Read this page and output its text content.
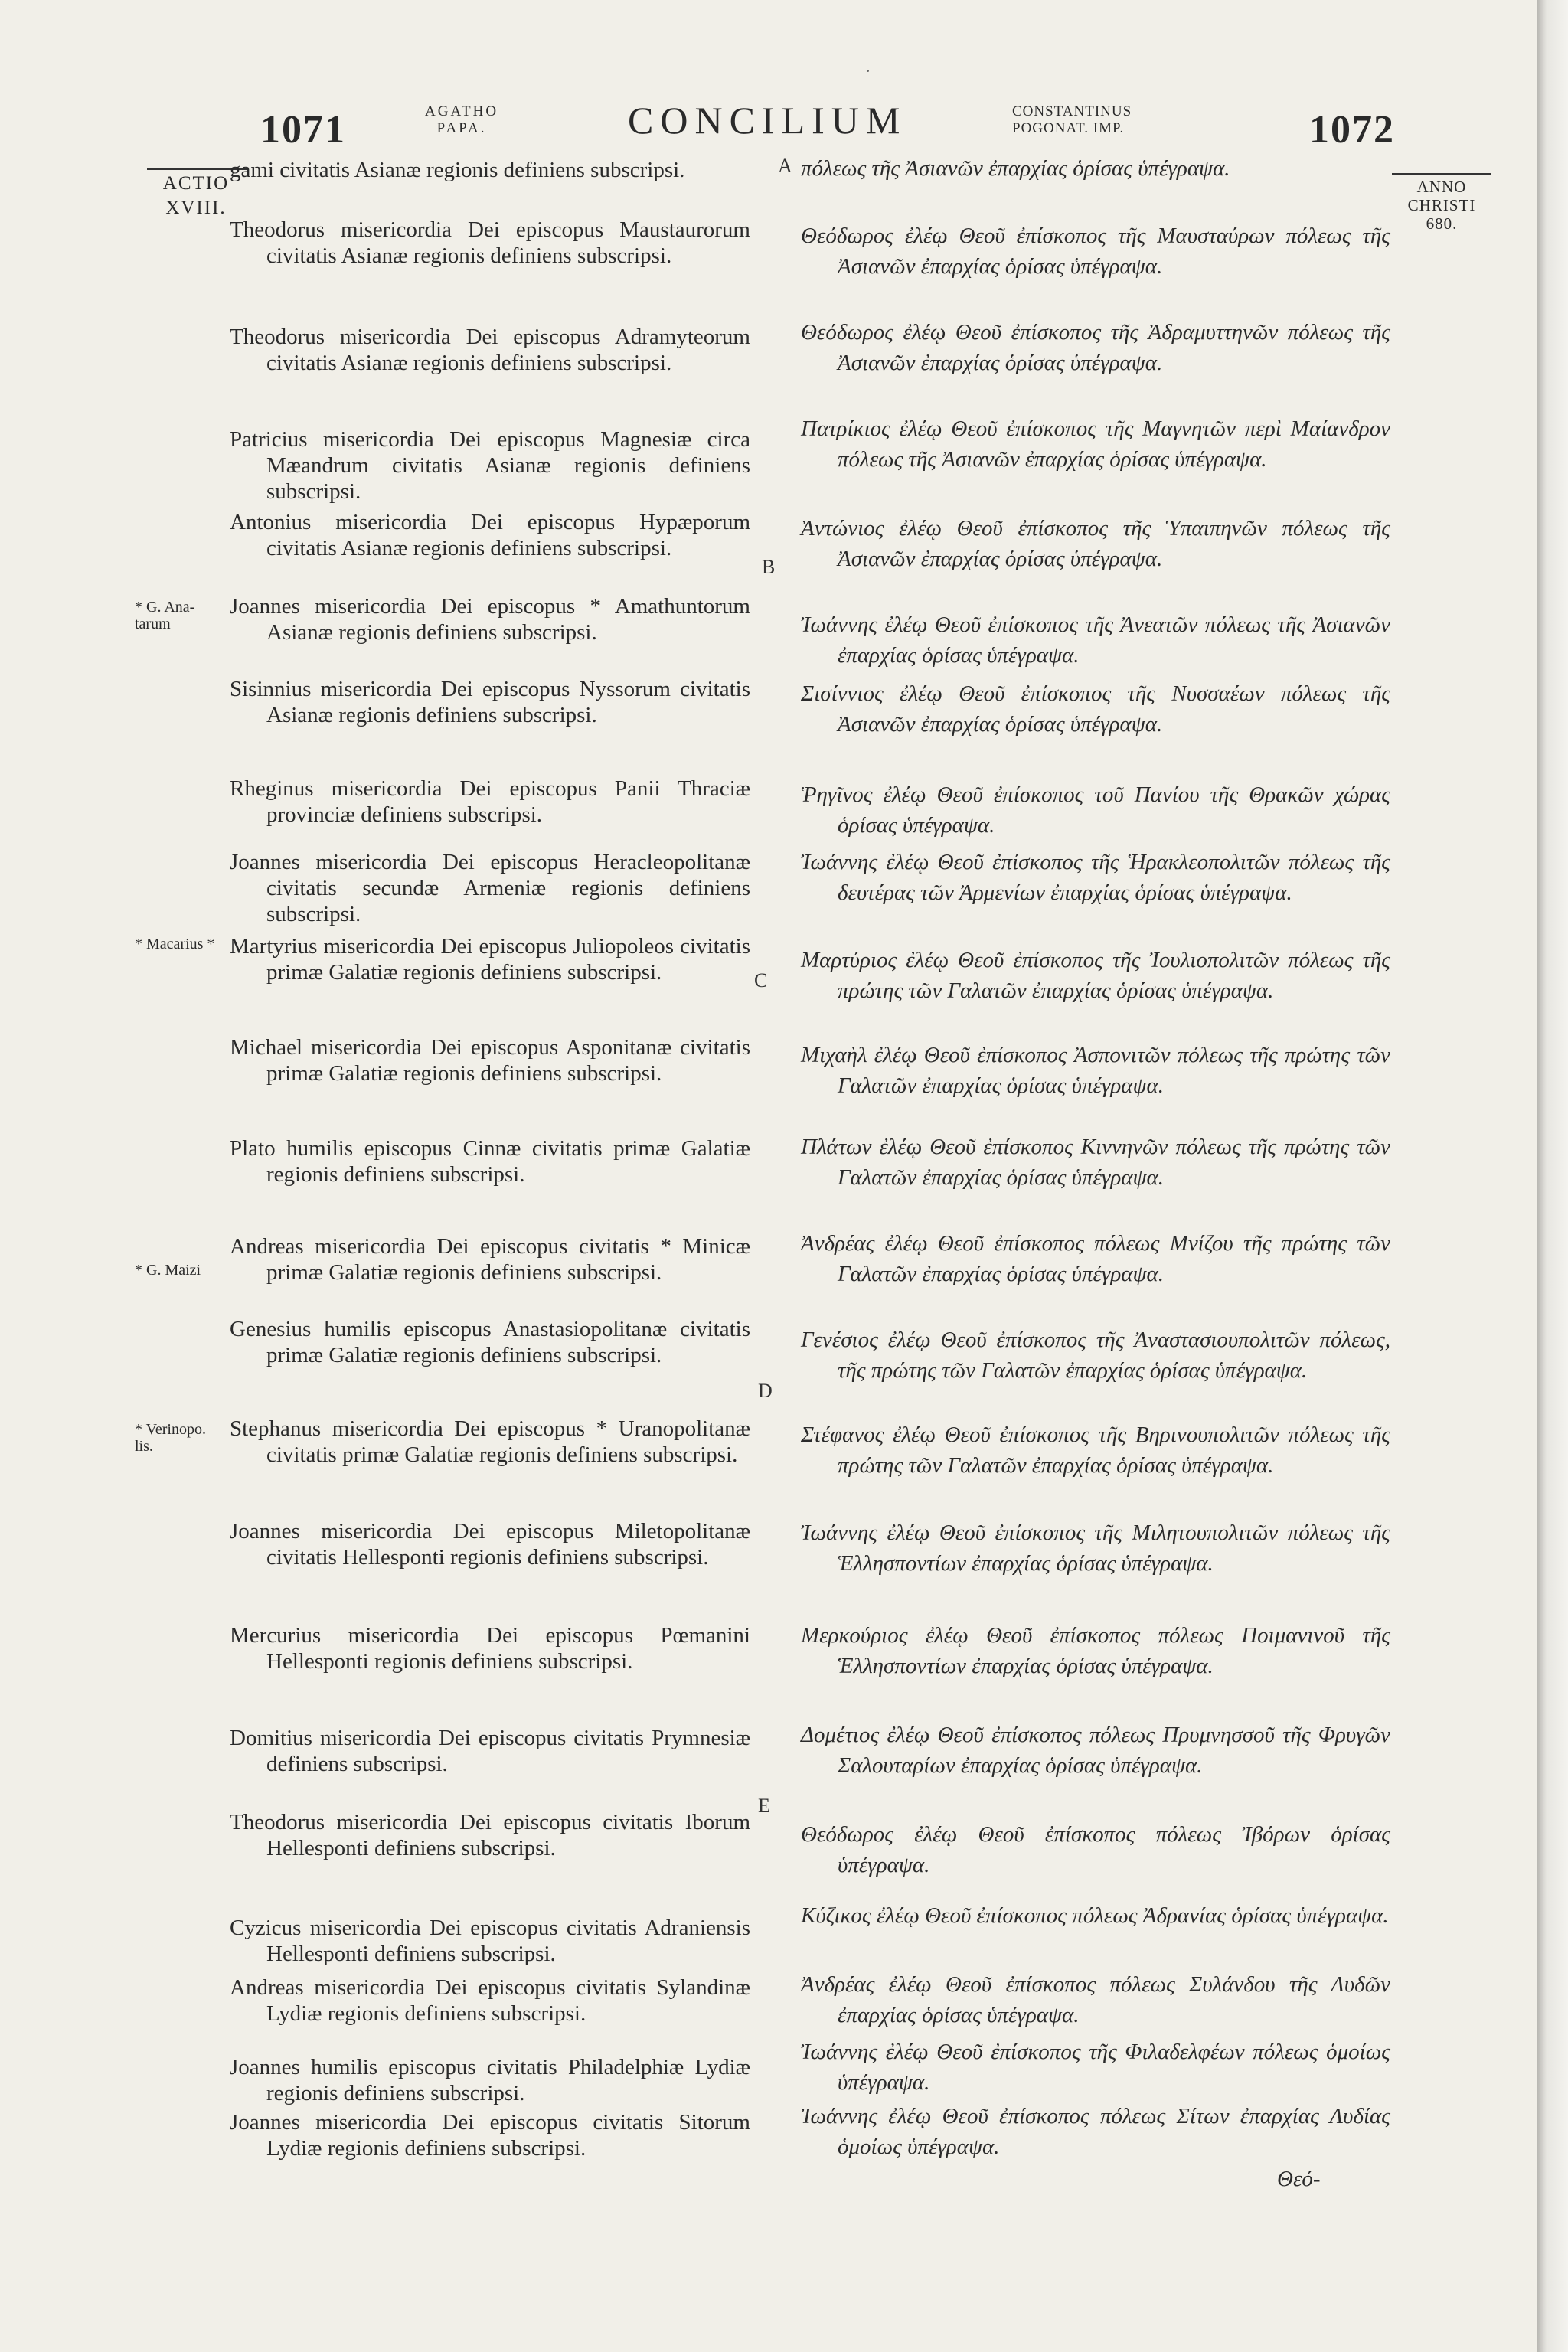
·
1071	AGATHO
PAPA.	CONCILIUM	CONSTANTINUS
POGONAT. IMP.	1072
ACTIO
XVIII.
ANNO
CHRISTI
680.
* G. Ana-
tarum
* Macarius *
* G. Maizi
* Verinopo.
lis.
A
B
C
D
E
gami civitatis Asianæ regionis definiens subscripsi.
Theodorus misericordia Dei episcopus Maustaurorum civitatis Asianæ regionis definiens subscripsi.
Theodorus misericordia Dei episcopus Adramyteorum civitatis Asianæ regionis definiens subscripsi.
Patricius misericordia Dei episcopus Magnesiæ circa Mæandrum civitatis Asianæ regionis definiens subscripsi.
Antonius misericordia Dei episcopus Hypæporum civitatis Asianæ regionis definiens subscripsi.
Joannes misericordia Dei episcopus * Amathuntorum Asianæ regionis definiens subscripsi.
Sisinnius misericordia Dei episcopus Nyssorum civitatis Asianæ regionis definiens subscripsi.
Rheginus misericordia Dei episcopus Panii Thraciæ provinciæ definiens subscripsi.
Joannes misericordia Dei episcopus Heracleopolitanæ civitatis secundæ Armeniæ regionis definiens subscripsi.
Martyrius misericordia Dei episcopus Juliopoleos civitatis primæ Galatiæ regionis definiens subscripsi.
Michael misericordia Dei episcopus Asponitanæ civitatis primæ Galatiæ regionis definiens subscripsi.
Plato humilis episcopus Cinnæ civitatis primæ Galatiæ regionis definiens subscripsi.
Andreas misericordia Dei episcopus civitatis * Minicæ primæ Galatiæ regionis definiens subscripsi.
Genesius humilis episcopus Anastasiopolitanæ civitatis primæ Galatiæ regionis definiens subscripsi.
Stephanus misericordia Dei episcopus * Uranopolitanæ civitatis primæ Galatiæ regionis definiens subscripsi.
Joannes misericordia Dei episcopus Miletopolitanæ civitatis Hellesponti regionis definiens subscripsi.
Mercurius misericordia Dei episcopus Pœmanini Hellesponti regionis definiens subscripsi.
Domitius misericordia Dei episcopus civitatis Prymnesiæ definiens subscripsi.
Theodorus misericordia Dei episcopus civitatis Iborum Hellesponti definiens subscripsi.
Cyzicus misericordia Dei episcopus civitatis Adraniensis Hellesponti definiens subscripsi.
Andreas misericordia Dei episcopus civitatis Sylandinæ Lydiæ regionis definiens subscripsi.
Joannes humilis episcopus civitatis Philadelphiæ Lydiæ regionis definiens subscripsi.
Joannes misericordia Dei episcopus civitatis Sitorum Lydiæ regionis definiens subscripsi.
πόλεως τῆς Ἀσιανῶν ἐπαρχίας ὁρίσας ὑπέγραψα.
Θεόδωρος ἐλέῳ Θεοῦ ἐπίσκοπος τῆς Μαυσταύρων πόλεως τῆς Ἀσιανῶν ἐπαρχίας ὁρίσας ὑπέγραψα.
Θεόδωρος ἐλέῳ Θεοῦ ἐπίσκοπος τῆς Ἀδραμυττηνῶν πόλεως τῆς Ἀσιανῶν ἐπαρχίας ὁρίσας ὑπέγραψα.
Πατρίκιος ἐλέῳ Θεοῦ ἐπίσκοπος τῆς Μαγνητῶν περὶ Μαίανδρον πόλεως τῆς Ἀσιανῶν ἐπαρχίας ὁρίσας ὑπέγραψα.
Ἀντώνιος ἐλέῳ Θεοῦ ἐπίσκοπος τῆς Ὑπαιπηνῶν πόλεως τῆς Ἀσιανῶν ἐπαρχίας ὁρίσας ὑπέγραψα.
Ἰωάννης ἐλέῳ Θεοῦ ἐπίσκοπος τῆς Ἀνεατῶν πόλεως τῆς Ἀσιανῶν ἐπαρχίας ὁρίσας ὑπέγραψα.
Σισίννιος ἐλέῳ Θεοῦ ἐπίσκοπος τῆς Νυσσαέων πόλεως τῆς Ἀσιανῶν ἐπαρχίας ὁρίσας ὑπέγραψα.
Ῥηγῖνος ἐλέῳ Θεοῦ ἐπίσκοπος τοῦ Πανίου τῆς Θρακῶν χώρας ὁρίσας ὑπέγραψα.
Ἰωάννης ἐλέῳ Θεοῦ ἐπίσκοπος τῆς Ἡρακλεοπολιτῶν πόλεως τῆς δευτέρας τῶν Ἀρμενίων ἐπαρχίας ὁρίσας ὑπέγραψα.
Μαρτύριος ἐλέῳ Θεοῦ ἐπίσκοπος τῆς Ἰουλιοπολιτῶν πόλεως τῆς πρώτης τῶν Γαλατῶν ἐπαρχίας ὁρίσας ὑπέγραψα.
Μιχαὴλ ἐλέῳ Θεοῦ ἐπίσκοπος Ἀσπονιτῶν πόλεως τῆς πρώτης τῶν Γαλατῶν ἐπαρχίας ὁρίσας ὑπέγραψα.
Πλάτων ἐλέῳ Θεοῦ ἐπίσκοπος Κιννηνῶν πόλεως τῆς πρώτης τῶν Γαλατῶν ἐπαρχίας ὁρίσας ὑπέγραψα.
Ἀνδρέας ἐλέῳ Θεοῦ ἐπίσκοπος πόλεως Μνίζου τῆς πρώτης τῶν Γαλατῶν ἐπαρχίας ὁρίσας ὑπέγραψα.
Γενέσιος ἐλέῳ Θεοῦ ἐπίσκοπος τῆς Ἀναστασιουπολιτῶν πόλεως, τῆς πρώτης τῶν Γαλατῶν ἐπαρχίας ὁρίσας ὑπέγραψα.
Στέφανος ἐλέῳ Θεοῦ ἐπίσκοπος τῆς Βηρινουπολιτῶν πόλεως τῆς πρώτης τῶν Γαλατῶν ἐπαρχίας ὁρίσας ὑπέγραψα.
Ἰωάννης ἐλέῳ Θεοῦ ἐπίσκοπος τῆς Μιλητουπολιτῶν πόλεως τῆς Ἑλλησποντίων ἐπαρχίας ὁρίσας ὑπέγραψα.
Μερκούριος ἐλέῳ Θεοῦ ἐπίσκοπος πόλεως Ποιμανινοῦ τῆς Ἑλλησποντίων ἐπαρχίας ὁρίσας ὑπέγραψα.
Δομέτιος ἐλέῳ Θεοῦ ἐπίσκοπος πόλεως Πρυμνησσοῦ τῆς Φρυγῶν Σαλουταρίων ἐπαρχίας ὁρίσας ὑπέγραψα.
Θεόδωρος ἐλέῳ Θεοῦ ἐπίσκοπος πόλεως Ἰβόρων ὁρίσας ὑπέγραψα.
Κύζικος ἐλέῳ Θεοῦ ἐπίσκοπος πόλεως Ἀδρανίας ὁρίσας ὑπέγραψα.
Ἀνδρέας ἐλέῳ Θεοῦ ἐπίσκοπος πόλεως Συλάνδου τῆς Λυδῶν ἐπαρχίας ὁρίσας ὑπέγραψα.
Ἰωάννης ἐλέῳ Θεοῦ ἐπίσκοπος τῆς Φιλαδελφέων πόλεως ὁμοίως ὑπέγραψα.
Ἰωάννης ἐλέῳ Θεοῦ ἐπίσκοπος πόλεως Σίτων ἐπαρχίας Λυδίας ὁμοίως ὑπέγραψα.
Θεό-
